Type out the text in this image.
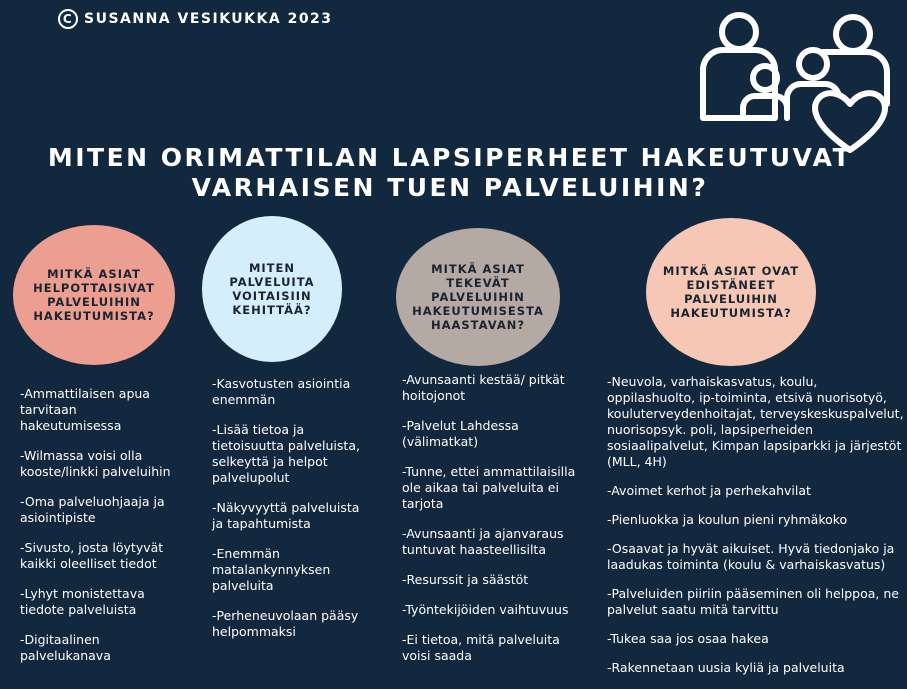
C SUSANNA VESIKUKKA 2023
MITEN ORIMATTILAN LAPSIPERHEET HAKEUTUVAT
VARHAISEN TUEN PALVELUIHIN?
MITKÄ ASIAT
HELPOTTAISIVAT
PALVELUIHIN
HAKEUTUMISTA?
MITEN
PALVELUITA
VOITAISIIN
KEHITTÄÄ?
MITKÄ ASIAT
TEKEVÄT
PALVELUIHIN
HAKEUTUMISESTA
HAASTAVAN?
MITKÄ ASIAT OVAT
EDISTÄNEET
PALVELUIHIN
HAKEUTUMISTA?

-Ammattilaisen apua tarvitaan hakeutumisessa

-Wilmassa voisi olla kooste/linkki palveluihin

-Oma palveluohjaaja ja asiointipiste

-Sivusto, josta löytyvät kaikki oleelliset tiedot

-Lyhyt monistettava tiedote palveluista

-Digitaalinen palvelukanava

-Kasvotusten asiointia enemmän

-Lisää tietoa ja tietoisuutta palveluista, selkeyttä ja helpot palvelupolut

-Näkyvyyttä palveluista ja tapahtumista

-Enemmän matalankynnyksen palveluita

-Perheneuvolaan pääsy helpommaksi

-Avunsaanti kestää/ pitkät hoitojonot

-Palvelut Lahdessa (välimatkat)

-Tunne, ettei ammattilaisilla ole aikaa tai palveluita ei tarjota

-Avunsaanti ja ajanvaraus tuntuvat haasteellisilta

-Resurssit ja säästöt

-Työntekijöiden vaihtuvuus

-Ei tietoa, mitä palveluita voisi saada

-Neuvola, varhaiskasvatus, koulu, oppilashuolto, ip-toiminta, etsivä nuorisotyö, kouluterveydenhoitajat, terveyskeskuspalvelut, nuorisopsyk. poli, lapsiperheiden sosiaalipalvelut, Kimpan lapsiparkki ja järjestöt (MLL, 4H)

-Avoimet kerhot ja perhekahvilat

-Pienluokka ja koulun pieni ryhmäkoko

-Osaavat ja hyvät aikuiset. Hyvä tiedonjako ja laadukas toiminta (koulu & varhaiskasvatus)

-Palveluiden piiriin pääseminen oli helppoa, ne palvelut saatu mitä tarvittu

-Tukea saa jos osaa hakea

-Rakennetaan uusia kyliä ja palveluita
